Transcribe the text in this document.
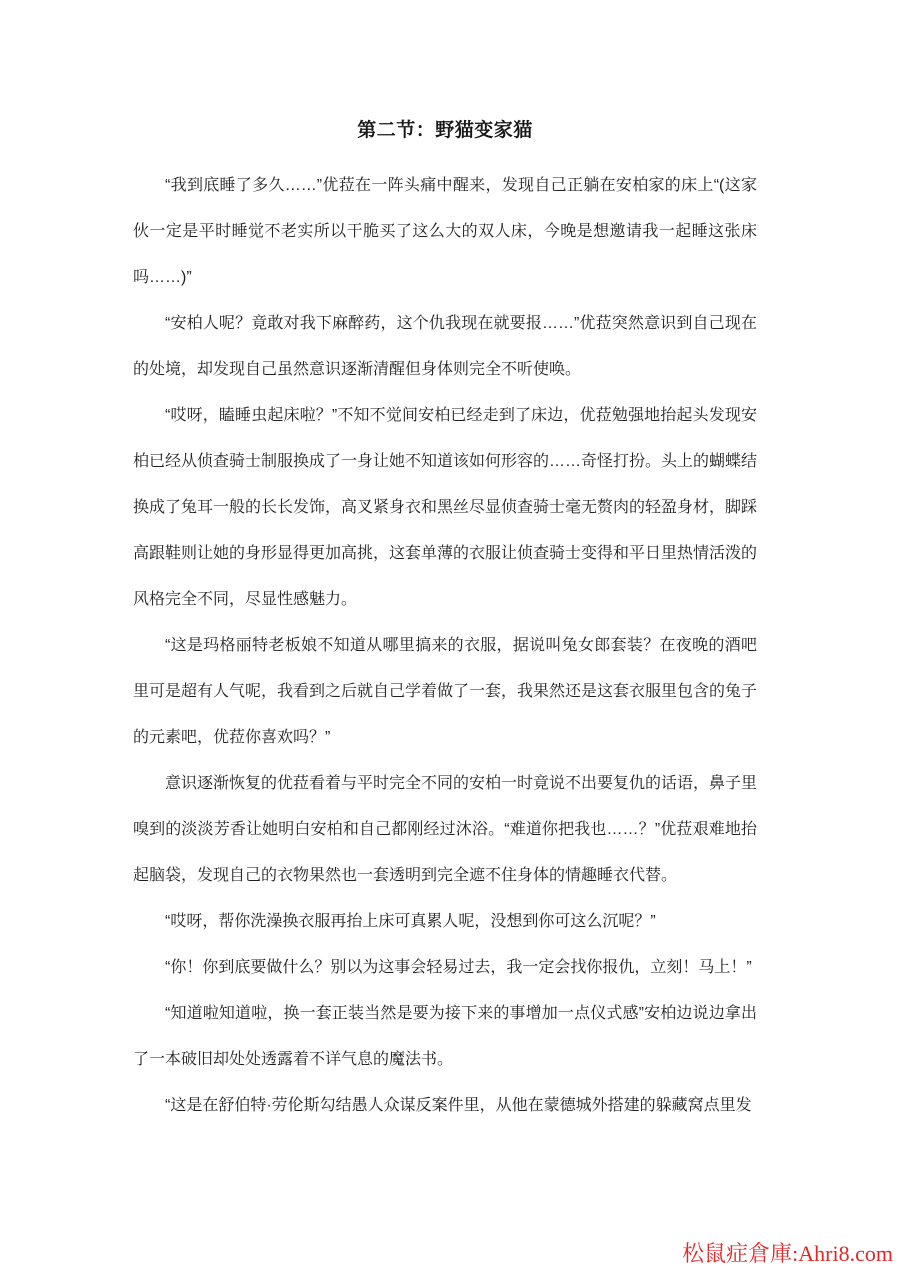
第二节：野猫变家猫

“我到底睡了多久……”优菈在一阵头痛中醒来，发现自己正躺在安柏家的床上“(这家伙一定是平时睡觉不老实所以干脆买了这么大的双人床，今晚是想邀请我一起睡这张床吗……)”

“安柏人呢？竟敢对我下麻醉药，这个仇我现在就要报……”优菈突然意识到自己现在的处境，却发现自己虽然意识逐渐清醒但身体则完全不听使唤。

“哎呀，瞌睡虫起床啦？”不知不觉间安柏已经走到了床边，优菈勉强地抬起头发现安柏已经从侦查骑士制服换成了一身让她不知道该如何形容的……奇怪打扮。头上的蝴蝶结换成了兔耳一般的长长发饰，高叉紧身衣和黑丝尽显侦查骑士毫无赘肉的轻盈身材，脚踩高跟鞋则让她的身形显得更加高挑，这套单薄的衣服让侦查骑士变得和平日里热情活泼的风格完全不同，尽显性感魅力。

“这是玛格丽特老板娘不知道从哪里搞来的衣服，据说叫兔女郎套装？在夜晚的酒吧里可是超有人气呢，我看到之后就自己学着做了一套，我果然还是这套衣服里包含的兔子的元素吧，优菈你喜欢吗？”

意识逐渐恢复的优菈看着与平时完全不同的安柏一时竟说不出要复仇的话语，鼻子里嗅到的淡淡芳香让她明白安柏和自己都刚经过沐浴。“难道你把我也……？”优菈艰难地抬起脑袋，发现自己的衣物果然也一套透明到完全遮不住身体的情趣睡衣代替。

“哎呀，帮你洗澡换衣服再抬上床可真累人呢，没想到你可这么沉呢？”

“你！你到底要做什么？别以为这事会轻易过去，我一定会找你报仇，立刻！马上！”

“知道啦知道啦，换一套正装当然是要为接下来的事增加一点仪式感”安柏边说边拿出了一本破旧却处处透露着不详气息的魔法书。

“这是在舒伯特·劳伦斯勾结愚人众谋反案件里，从他在蒙德城外搭建的躲藏窝点里发

松鼠症倉庫:Ahri8.com
